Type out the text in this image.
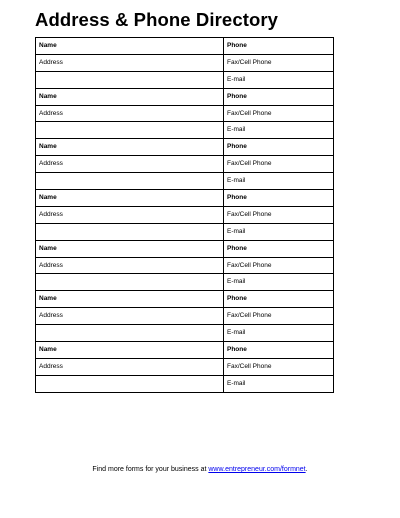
Address & Phone Directory
Name	Phone
Address	Fax/Cell Phone
	E-mail
Name	Phone
Address	Fax/Cell Phone
	E-mail
Name	Phone
Address	Fax/Cell Phone
	E-mail
Name	Phone
Address	Fax/Cell Phone
	E-mail
Name	Phone
Address	Fax/Cell Phone
	E-mail
Name	Phone
Address	Fax/Cell Phone
	E-mail
Name	Phone
Address	Fax/Cell Phone
	E-mail
Find more forms for your business at www.entrepreneur.com/formnet.
